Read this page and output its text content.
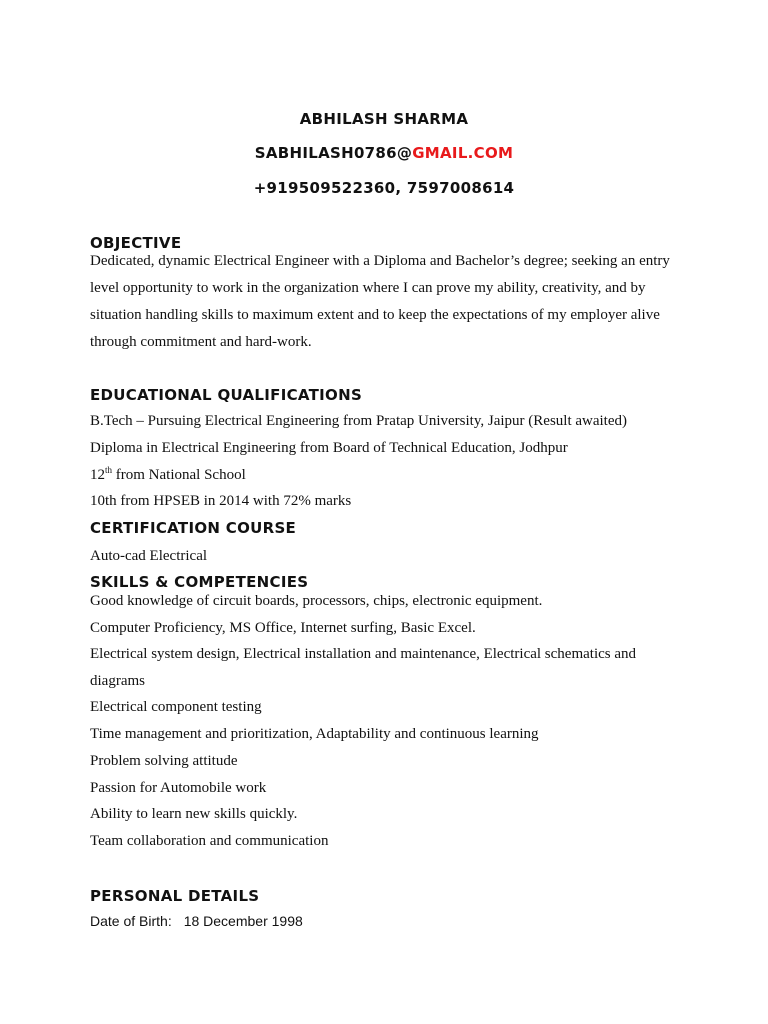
ABHILASH SHARMA
SABHILASH0786@GMAIL.COM
+919509522360, 7597008614
OBJECTIVE
Dedicated, dynamic Electrical Engineer with a Diploma and Bachelor’s degree; seeking an entry
level opportunity to work in the organization where I can prove my ability, creativity, and by
situation handling skills to maximum extent and to keep the expectations of my employer alive
through commitment and hard-work.
EDUCATIONAL QUALIFICATIONS
B.Tech – Pursuing Electrical Engineering from Pratap University, Jaipur (Result awaited)
Diploma in Electrical Engineering from Board of Technical Education, Jodhpur
12th from National School
10th from HPSEB in 2014 with 72% marks
CERTIFICATION COURSE
Auto-cad Electrical
SKILLS & COMPETENCIES
Good knowledge of circuit boards, processors, chips, electronic equipment.
Computer Proficiency, MS Office, Internet surfing, Basic Excel.
Electrical system design, Electrical installation and maintenance, Electrical schematics and
diagrams
Electrical component testing
Time management and prioritization, Adaptability and continuous learning
Problem solving attitude
Passion for Automobile work
Ability to learn new skills quickly.
Team collaboration and communication
PERSONAL DETAILS
Date of Birth: 18 December 1998
